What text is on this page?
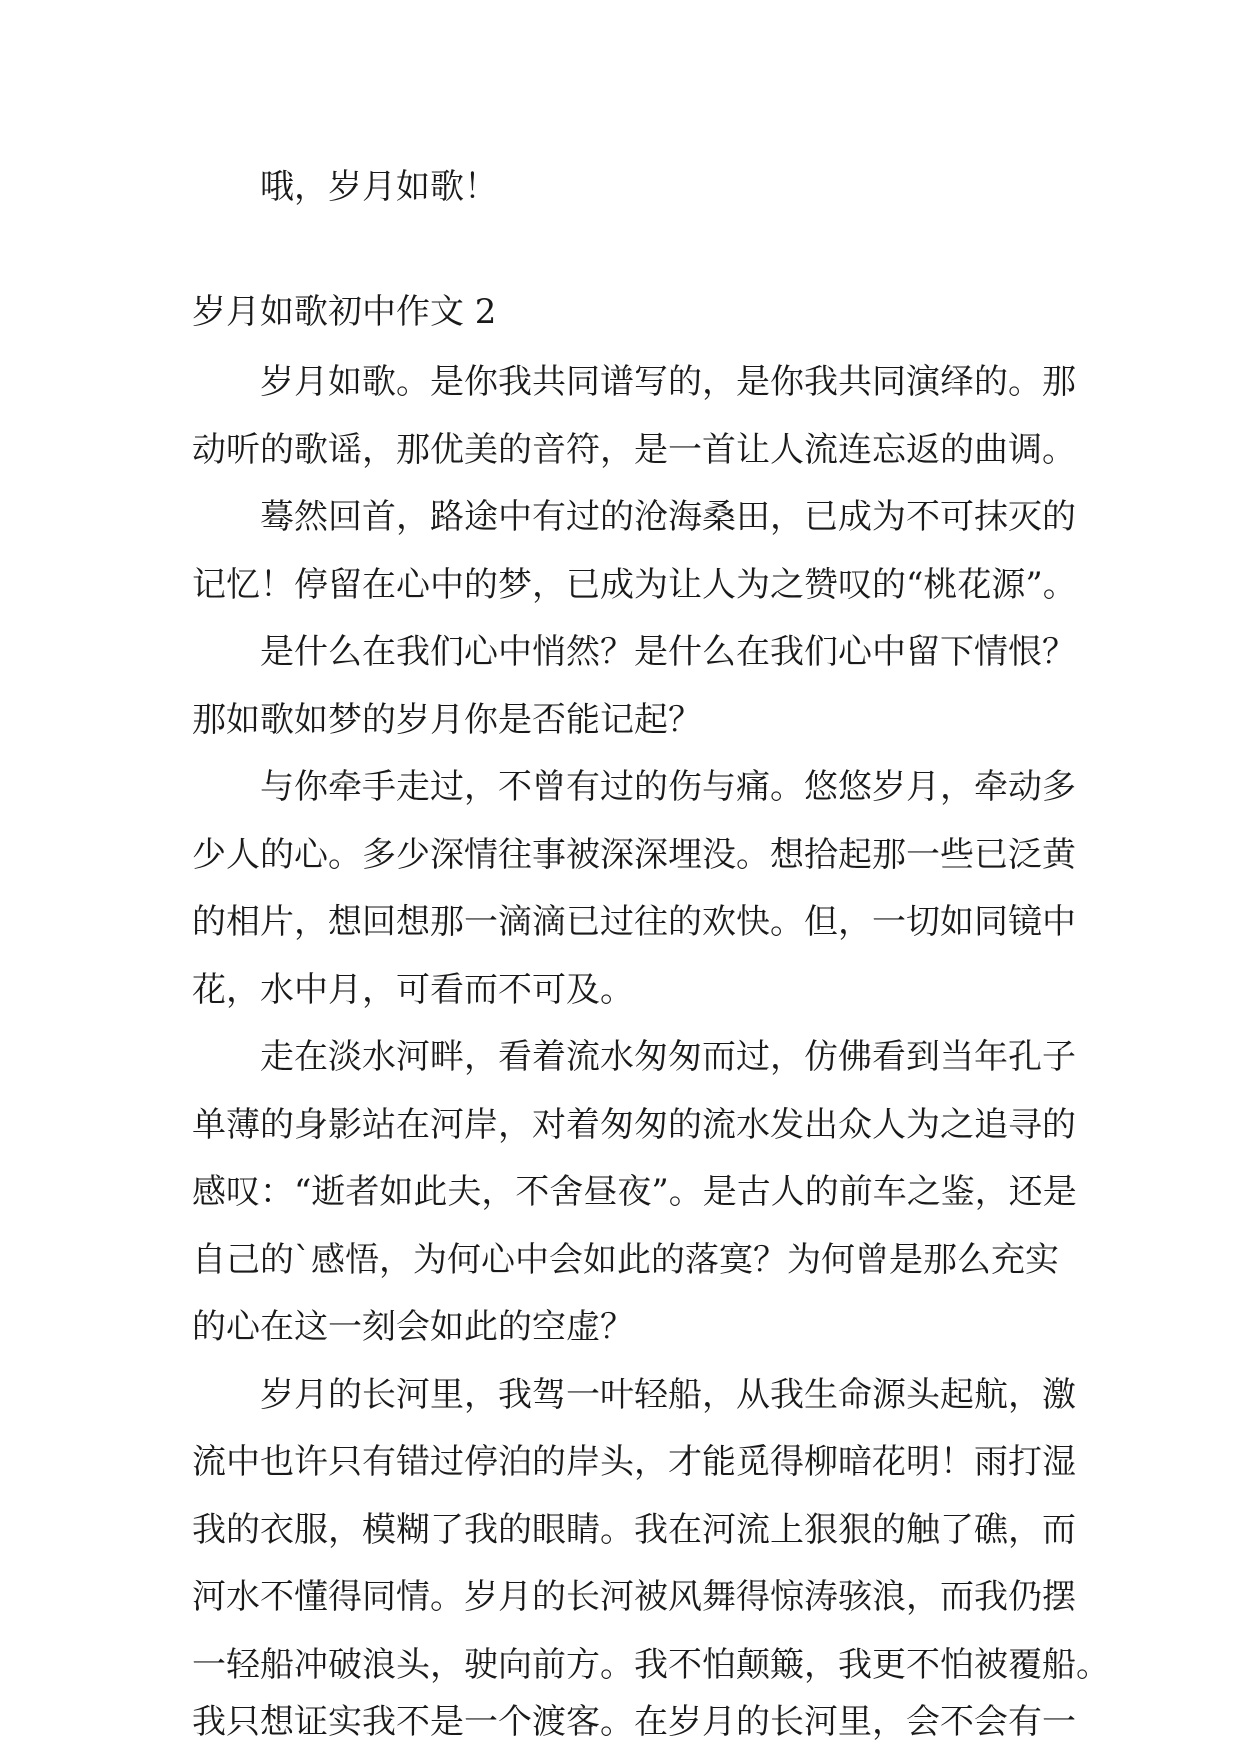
哦，岁月如歌！
岁月如歌初中作文 2
岁月如歌。是你我共同谱写的，是你我共同演绎的。那
动听的歌谣，那优美的音符，是一首让人流连忘返的曲调。
蓦然回首，路途中有过的沧海桑田，已成为不可抹灭的
记忆！停留在心中的梦，已成为让人为之赞叹的“桃花源”。
是什么在我们心中悄然？是什么在我们心中留下情恨？
那如歌如梦的岁月你是否能记起？
与你牵手走过，不曾有过的伤与痛。悠悠岁月，牵动多
少人的心。多少深情往事被深深埋没。想拾起那一些已泛黄
的相片，想回想那一滴滴已过往的欢快。但，一切如同镜中
花，水中月，可看而不可及。
走在淡水河畔，看着流水匆匆而过，仿佛看到当年孔子
单薄的身影站在河岸，对着匆匆的流水发出众人为之追寻的
感叹：“逝者如此夫，不舍昼夜”。是古人的前车之鉴，还是
自己的`感悟，为何心中会如此的落寞？为何曾是那么充实
的心在这一刻会如此的空虚？
岁月的长河里，我驾一叶轻船，从我生命源头起航，激
流中也许只有错过停泊的岸头，才能觅得柳暗花明！雨打湿
我的衣服，模糊了我的眼睛。我在河流上狠狠的触了礁，而
河水不懂得同情。岁月的长河被风舞得惊涛骇浪，而我仍摆
一轻船冲破浪头，驶向前方。我不怕颠簸，我更不怕被覆船。
我只想证实我不是一个渡客。在岁月的长河里，会不会有一
